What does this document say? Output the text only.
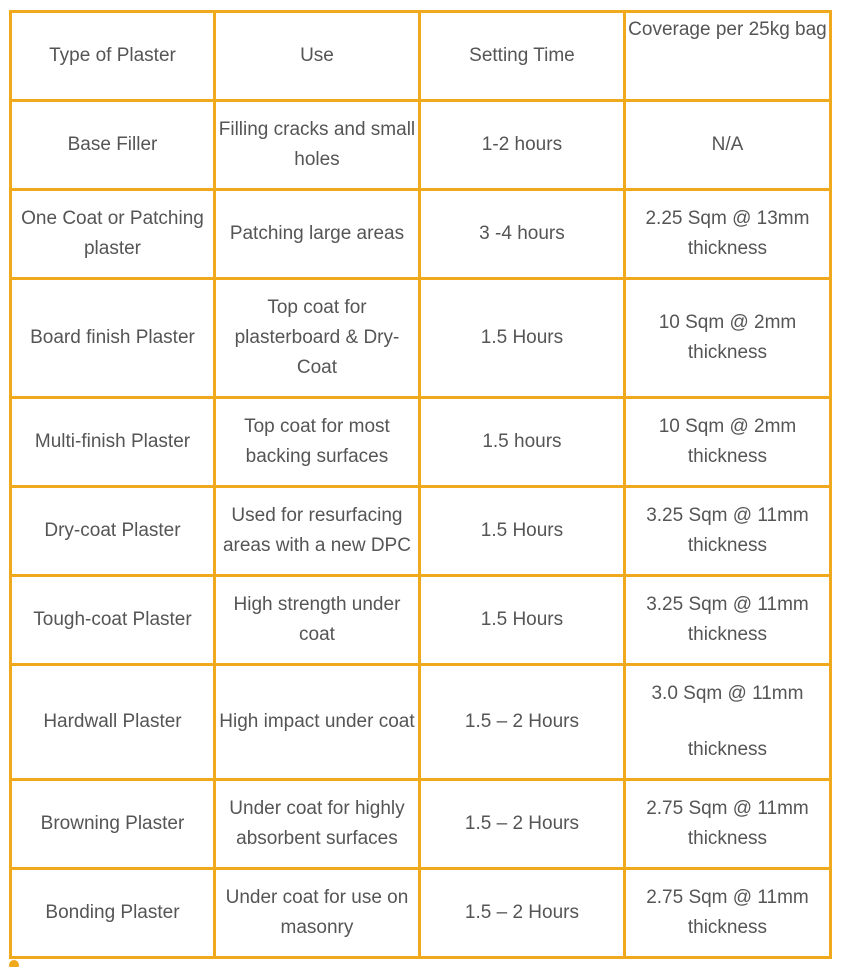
Type of Plaster	Use	Setting Time	Coverage per 25kg bag
Base Filler	Filling cracks and small holes	1-2 hours	N/A
One Coat or Patching plaster	Patching large areas	3 -4 hours	2.25 Sqm @ 13mm thickness
Board finish Plaster	Top coat for plasterboard & Dry-Coat	1.5 Hours	10 Sqm @ 2mm thickness
Multi-finish Plaster	Top coat for most backing surfaces	1.5 hours	10 Sqm @ 2mm thickness
Dry-coat Plaster	Used for resurfacing areas with a new DPC	1.5 Hours	3.25 Sqm @ 11mm thickness
Tough-coat Plaster	High strength under coat	1.5 Hours	3.25 Sqm @ 11mm thickness
Hardwall Plaster	High impact under coat	1.5 – 2 Hours	3.0 Sqm @ 11mm

thickness
Browning Plaster	Under coat for highly absorbent surfaces	1.5 – 2 Hours	2.75 Sqm @ 11mm thickness
Bonding Plaster	Under coat for use on masonry	1.5 – 2 Hours	2.75 Sqm @ 11mm thickness
